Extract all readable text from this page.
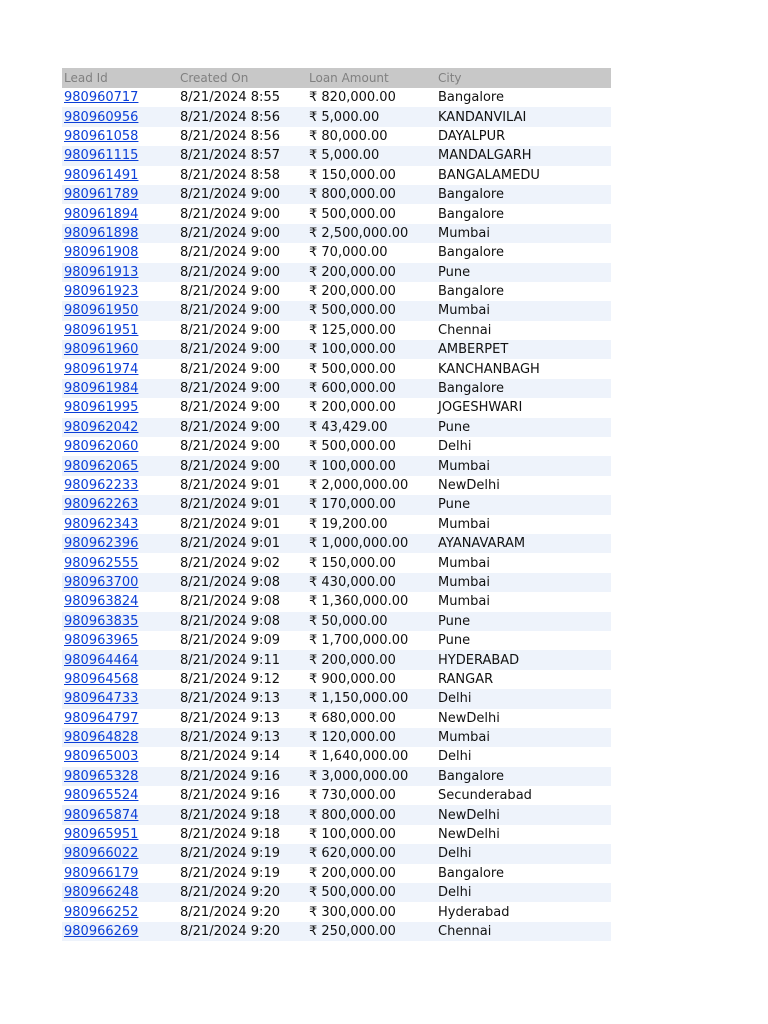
Lead Id	Created On	Loan Amount	City
980960717	8/21/2024 8:55	₹ 820,000.00	Bangalore
980960956	8/21/2024 8:56	₹ 5,000.00	KANDANVILAI
980961058	8/21/2024 8:56	₹ 80,000.00	DAYALPUR
980961115	8/21/2024 8:57	₹ 5,000.00	MANDALGARH
980961491	8/21/2024 8:58	₹ 150,000.00	BANGALAMEDU
980961789	8/21/2024 9:00	₹ 800,000.00	Bangalore
980961894	8/21/2024 9:00	₹ 500,000.00	Bangalore
980961898	8/21/2024 9:00	₹ 2,500,000.00	Mumbai
980961908	8/21/2024 9:00	₹ 70,000.00	Bangalore
980961913	8/21/2024 9:00	₹ 200,000.00	Pune
980961923	8/21/2024 9:00	₹ 200,000.00	Bangalore
980961950	8/21/2024 9:00	₹ 500,000.00	Mumbai
980961951	8/21/2024 9:00	₹ 125,000.00	Chennai
980961960	8/21/2024 9:00	₹ 100,000.00	AMBERPET
980961974	8/21/2024 9:00	₹ 500,000.00	KANCHANBAGH
980961984	8/21/2024 9:00	₹ 600,000.00	Bangalore
980961995	8/21/2024 9:00	₹ 200,000.00	JOGESHWARI
980962042	8/21/2024 9:00	₹ 43,429.00	Pune
980962060	8/21/2024 9:00	₹ 500,000.00	Delhi
980962065	8/21/2024 9:00	₹ 100,000.00	Mumbai
980962233	8/21/2024 9:01	₹ 2,000,000.00	NewDelhi
980962263	8/21/2024 9:01	₹ 170,000.00	Pune
980962343	8/21/2024 9:01	₹ 19,200.00	Mumbai
980962396	8/21/2024 9:01	₹ 1,000,000.00	AYANAVARAM
980962555	8/21/2024 9:02	₹ 150,000.00	Mumbai
980963700	8/21/2024 9:08	₹ 430,000.00	Mumbai
980963824	8/21/2024 9:08	₹ 1,360,000.00	Mumbai
980963835	8/21/2024 9:08	₹ 50,000.00	Pune
980963965	8/21/2024 9:09	₹ 1,700,000.00	Pune
980964464	8/21/2024 9:11	₹ 200,000.00	HYDERABAD
980964568	8/21/2024 9:12	₹ 900,000.00	RANGAR
980964733	8/21/2024 9:13	₹ 1,150,000.00	Delhi
980964797	8/21/2024 9:13	₹ 680,000.00	NewDelhi
980964828	8/21/2024 9:13	₹ 120,000.00	Mumbai
980965003	8/21/2024 9:14	₹ 1,640,000.00	Delhi
980965328	8/21/2024 9:16	₹ 3,000,000.00	Bangalore
980965524	8/21/2024 9:16	₹ 730,000.00	Secunderabad
980965874	8/21/2024 9:18	₹ 800,000.00	NewDelhi
980965951	8/21/2024 9:18	₹ 100,000.00	NewDelhi
980966022	8/21/2024 9:19	₹ 620,000.00	Delhi
980966179	8/21/2024 9:19	₹ 200,000.00	Bangalore
980966248	8/21/2024 9:20	₹ 500,000.00	Delhi
980966252	8/21/2024 9:20	₹ 300,000.00	Hyderabad
980966269	8/21/2024 9:20	₹ 250,000.00	Chennai
